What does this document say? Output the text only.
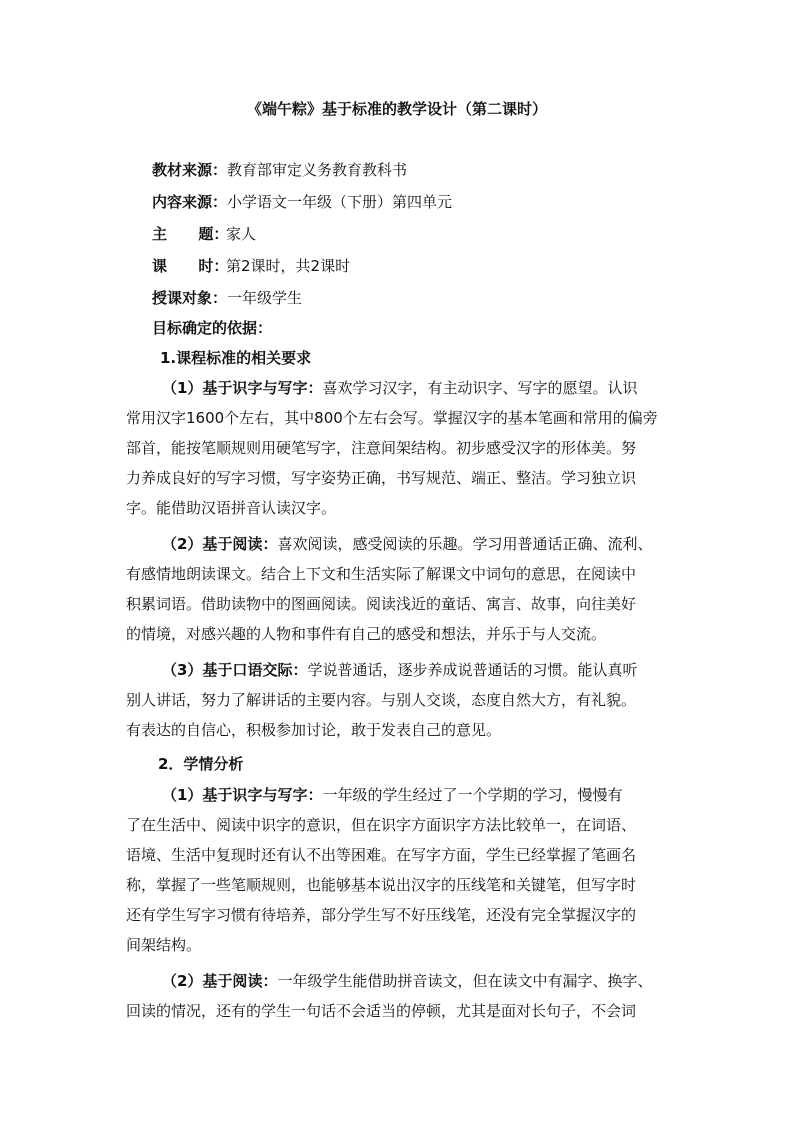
《端午粽》基于标准的教学设计（第二课时）
教材来源：教育部审定义务教育教科书
内容来源：小学语文一年级（下册）第四单元
主      题：家人
课      时：第2课时，共2课时
授课对象：一年级学生
目标确定的依据：
1.课程标准的相关要求
（1）基于识字与写字：喜欢学习汉字，有主动识字、写字的愿望。认识
常用汉字1600个左右，其中800个左右会写。掌握汉字的基本笔画和常用的偏旁
部首，能按笔顺规则用硬笔写字，注意间架结构。初步感受汉字的形体美。努
力养成良好的写字习惯，写字姿势正确，书写规范、端正、整洁。学习独立识
字。能借助汉语拼音认读汉字。
（2）基于阅读：喜欢阅读，感受阅读的乐趣。学习用普通话正确、流利、
有感情地朗读课文。结合上下文和生活实际了解课文中词句的意思，在阅读中
积累词语。借助读物中的图画阅读。阅读浅近的童话、寓言、故事，向往美好
的情境，对感兴趣的人物和事件有自己的感受和想法，并乐于与人交流。
（3）基于口语交际：学说普通话，逐步养成说普通话的习惯。能认真听
别人讲话，努力了解讲话的主要内容。与别人交谈，态度自然大方，有礼貌。
有表达的自信心，积极参加讨论，敢于发表自己的意见。
2．学情分析
（1）基于识字与写字：一年级的学生经过了一个学期的学习，慢慢有
了在生活中、阅读中识字的意识，但在识字方面识字方法比较单一，在词语、
语境、生活中复现时还有认不出等困难。在写字方面，学生已经掌握了笔画名
称，掌握了一些笔顺规则，也能够基本说出汉字的压线笔和关键笔，但写字时
还有学生写字习惯有待培养，部分学生写不好压线笔，还没有完全掌握汉字的
间架结构。
（2）基于阅读：一年级学生能借助拼音读文，但在读文中有漏字、换字、
回读的情况，还有的学生一句话不会适当的停顿，尤其是面对长句子，不会词
